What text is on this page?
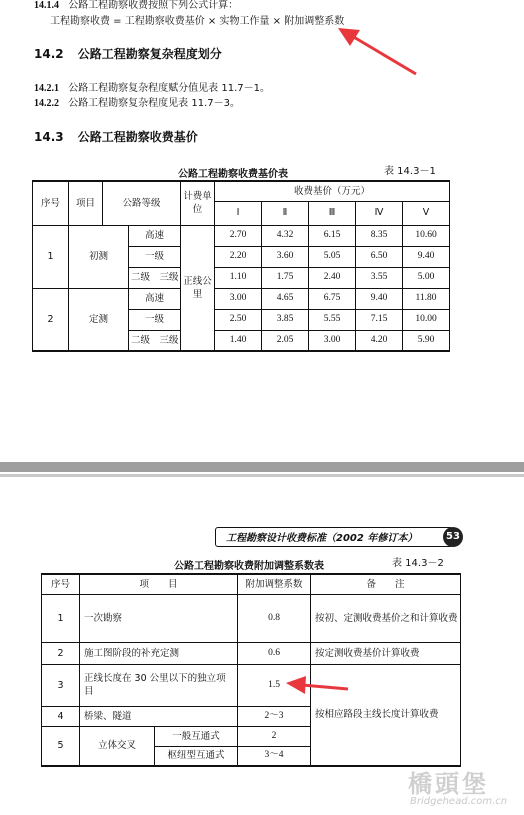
14.1.4 公路工程勘察收费按照下列公式计算：
工程勘察收费 = 工程勘察收费基价 × 实物工作量 × 附加调整系数
14.2 公路工程勘察复杂程度划分
14.2.1 公路工程勘察复杂程度赋分值见表 11.7－1。
14.2.2 公路工程勘察复杂程度见表 11.7－3。
14.3 公路工程勘察收费基价
公路工程勘察收费基价表	表 14.3－1
序号	项目	公路等级		计费单位	收费基价（万元）				
					Ⅰ	Ⅱ	Ⅲ	Ⅳ	Ⅴ
1	初测		高速	正线公里	2.70	4.32	6.15	8.35	10.60
			一级		2.20	3.60	5.05	6.50	9.40
			二级　三级		1.10	1.75	2.40	3.55	5.00
2	定测		高速		3.00	4.65	6.75	9.40	11.80
			一级		2.50	3.85	5.55	7.15	10.00
			二级　三级		1.40	2.05	3.00	4.20	5.90
工程勘察设计收费标准（2002 年修订本）	53
公路工程勘察收费附加调整系数表	表 14.3－2
序号	项　　目		附加调整系数	备　　注
1	一次勘察		0.8	按初、定测收费基价之和计算收费
2	施工图阶段的补充定测		0.6	按定测收费基价计算收费
3	正线长度在 30 公里以下的独立项目		1.5	按相应路段主线长度计算收费
4	桥梁、隧道		2～3	
5	立体交叉	一般互通式	2	
		枢纽型互通式	3～4	
橋頭堡
Bridgehead.com.cn
